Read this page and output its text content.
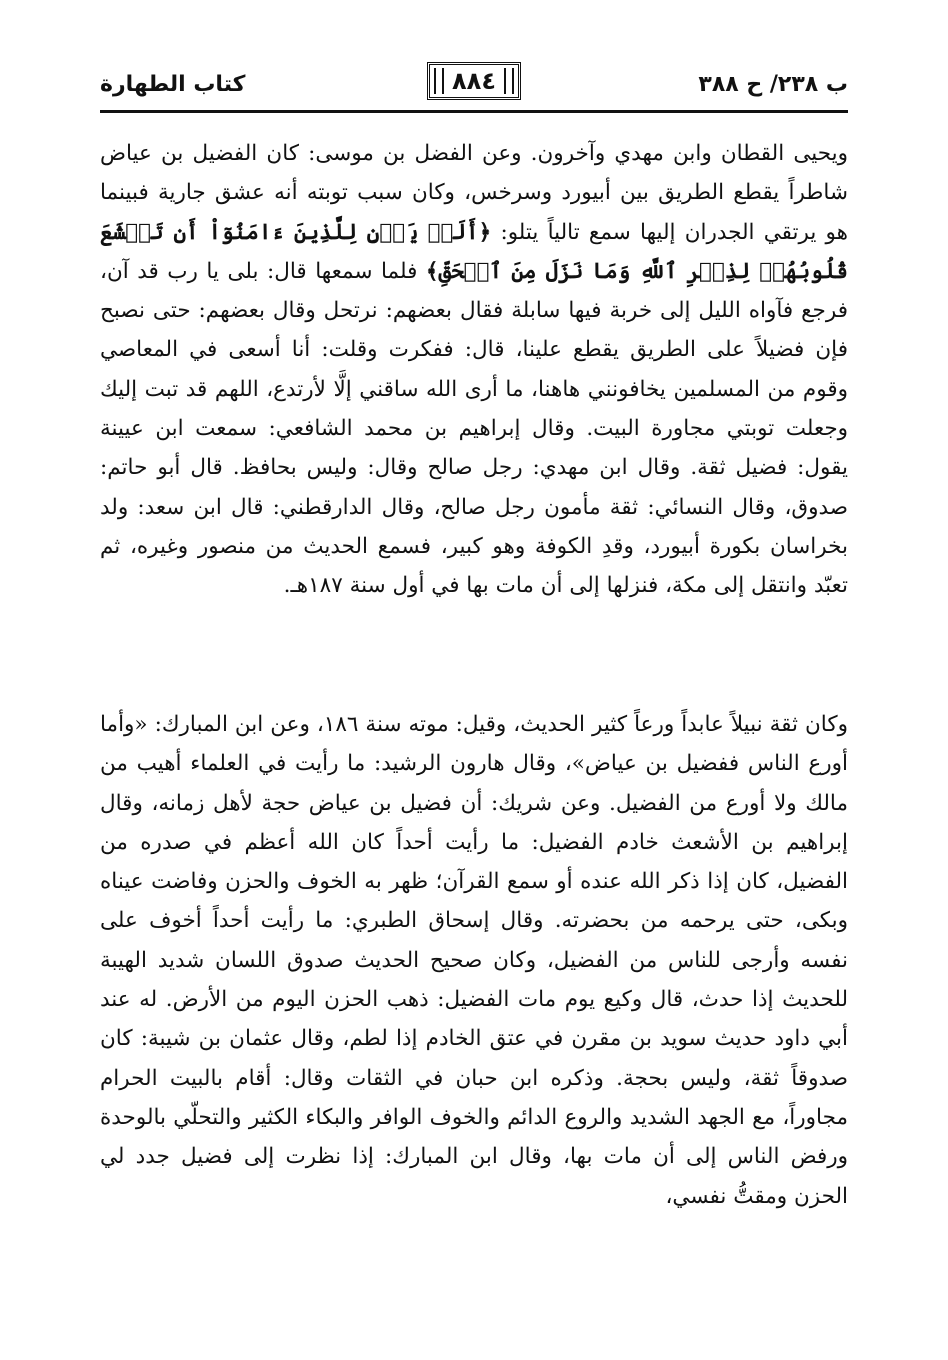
ب ٢٣٨/ ح ٣٨٨
٨٨٤
كتاب الطهارة

ويحيى القطان وابن مهدي وآخرون. وعن الفضل بن موسى: كان الفضيل بن عياض شاطراً يقطع الطريق بين أبيورد وسرخس، وكان سبب توبته أنه عشق جارية فبينما هو يرتقي الجدران إليها سمع تالياً يتلو: ﴿أَلَمۡ يَأۡنِ لِلَّذِينَ ءَامَنُوٓاْ أَن تَخۡشَعَ قُلُوبُهُمۡ لِذِكۡرِ ٱللَّهِ وَمَا نَزَلَ مِنَ ٱلۡحَقِّ﴾ فلما سمعها قال: بلى يا رب قد آن، فرجع فآواه الليل إلى خربة فيها سابلة فقال بعضهم: نرتحل وقال بعضهم: حتى نصبح فإن فضيلاً على الطريق يقطع علينا، قال: ففكرت وقلت: أنا أسعى في المعاصي وقوم من المسلمين يخافونني هاهنا، ما أرى الله ساقني إلَّا لأرتدع، اللهم قد تبت إليك وجعلت توبتي مجاورة البيت. وقال إبراهيم بن محمد الشافعي: سمعت ابن عيينة يقول: فضيل ثقة. وقال ابن مهدي: رجل صالح وقال: وليس بحافظ. قال أبو حاتم: صدوق، وقال النسائي: ثقة مأمون رجل صالح، وقال الدارقطني: قال ابن سعد: ولد بخراسان بكورة أبيورد، وقدِ الكوفة وهو كبير، فسمع الحديث من منصور وغيره، ثم تعبّد وانتقل إلى مكة، فنزلها إلى أن مات بها في أول سنة ١٨٧هـ.

وكان ثقة نبيلاً عابداً ورعاً كثير الحديث، وقيل: موته سنة ١٨٦، وعن ابن المبارك: «وأما أورع الناس ففضيل بن عياض»، وقال هارون الرشيد: ما رأيت في العلماء أهيب من مالك ولا أورع من الفضيل. وعن شريك: أن فضيل بن عياض حجة لأهل زمانه، وقال إبراهيم بن الأشعث خادم الفضيل: ما رأيت أحداً كان الله أعظم في صدره من الفضيل، كان إذا ذكر الله عنده أو سمع القرآن؛ ظهر به الخوف والحزن وفاضت عيناه وبكى، حتى يرحمه من بحضرته. وقال إسحاق الطبري: ما رأيت أحداً أخوف على نفسه وأرجى للناس من الفضيل، وكان صحيح الحديث صدوق اللسان شديد الهيبة للحديث إذا حدث، قال وكيع يوم مات الفضيل: ذهب الحزن اليوم من الأرض. له عند أبي داود حديث سويد بن مقرن في عتق الخادم إذا لطم، وقال عثمان بن شيبة: كان صدوقاً ثقة، وليس بحجة. وذكره ابن حبان في الثقات وقال: أقام بالبيت الحرام مجاوراً، مع الجهد الشديد والروع الدائم والخوف الوافر والبكاء الكثير والتحلّي بالوحدة ورفض الناس إلى أن مات بها، وقال ابن المبارك: إذا نظرت إلى فضيل جدد لي الحزن ومقتُّ نفسي،
